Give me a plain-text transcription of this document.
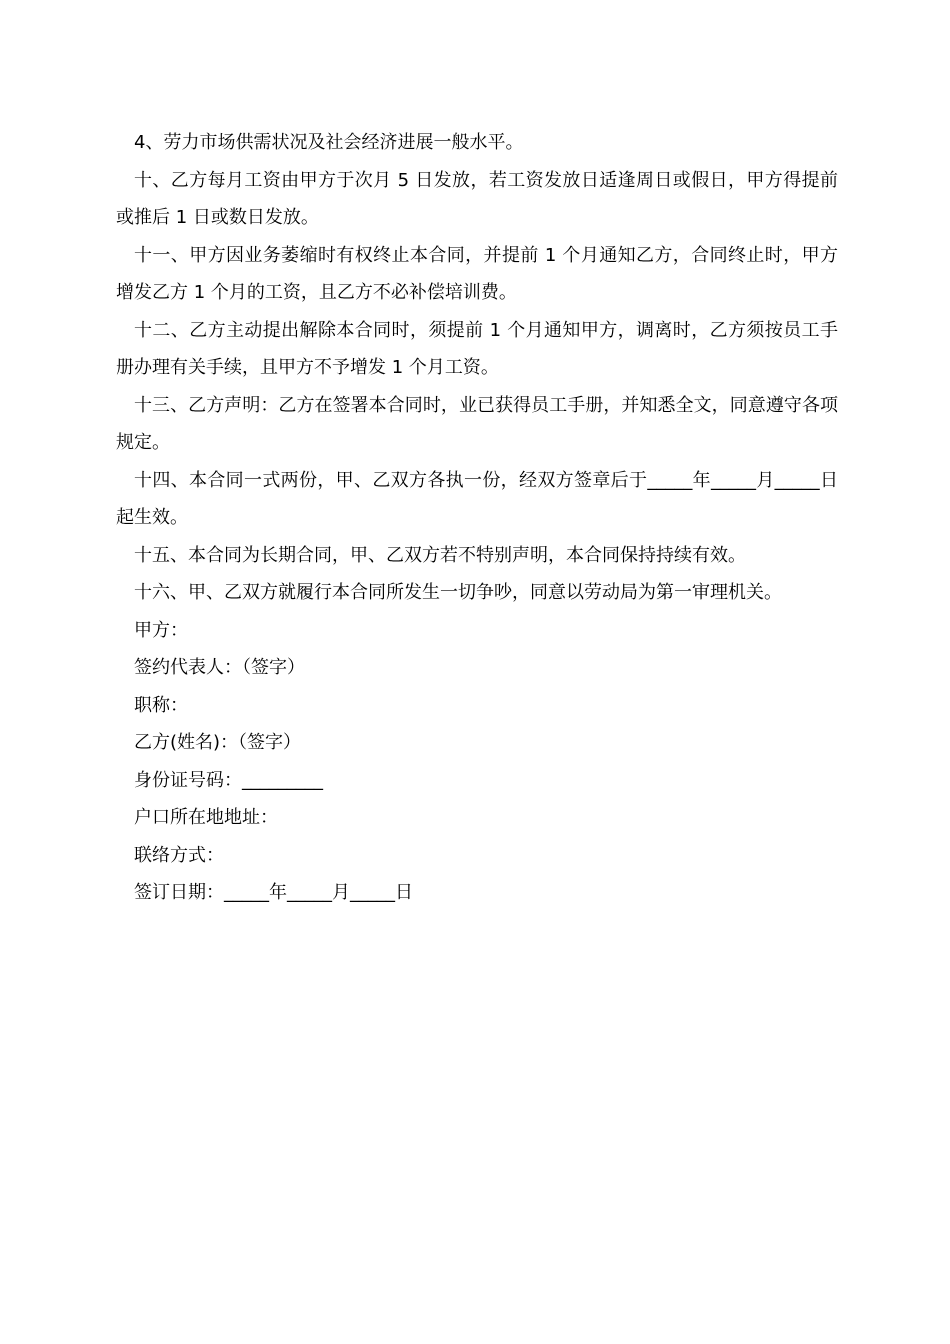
4、劳力市场供需状况及社会经济进展一般水平。

十、乙方每月工资由甲方于次月 5 日发放，若工资发放日适逢周日或假日，甲方得提前或推后 1 日或数日发放。

十一、甲方因业务萎缩时有权终止本合同，并提前 1 个月通知乙方，合同终止时，甲方增发乙方 1 个月的工资，且乙方不必补偿培训费。

十二、乙方主动提出解除本合同时，须提前 1 个月通知甲方，调离时，乙方须按员工手册办理有关手续，且甲方不予增发 1 个月工资。

十三、乙方声明：乙方在签署本合同时，业已获得员工手册，并知悉全文，同意遵守各项规定。

十四、本合同一式两份，甲、乙双方各执一份，经双方签章后于_____年_____月_____日 起生效。

十五、本合同为长期合同，甲、乙双方若不特别声明，本合同保持持续有效。

十六、甲、乙双方就履行本合同所发生一切争吵，同意以劳动局为第一审理机关。

甲方：

签约代表人：（签字）

职称：

乙方(姓名)：（签字）

身份证号码：_________

户口所在地地址：

联络方式：

签订日期：_____年_____月_____日
